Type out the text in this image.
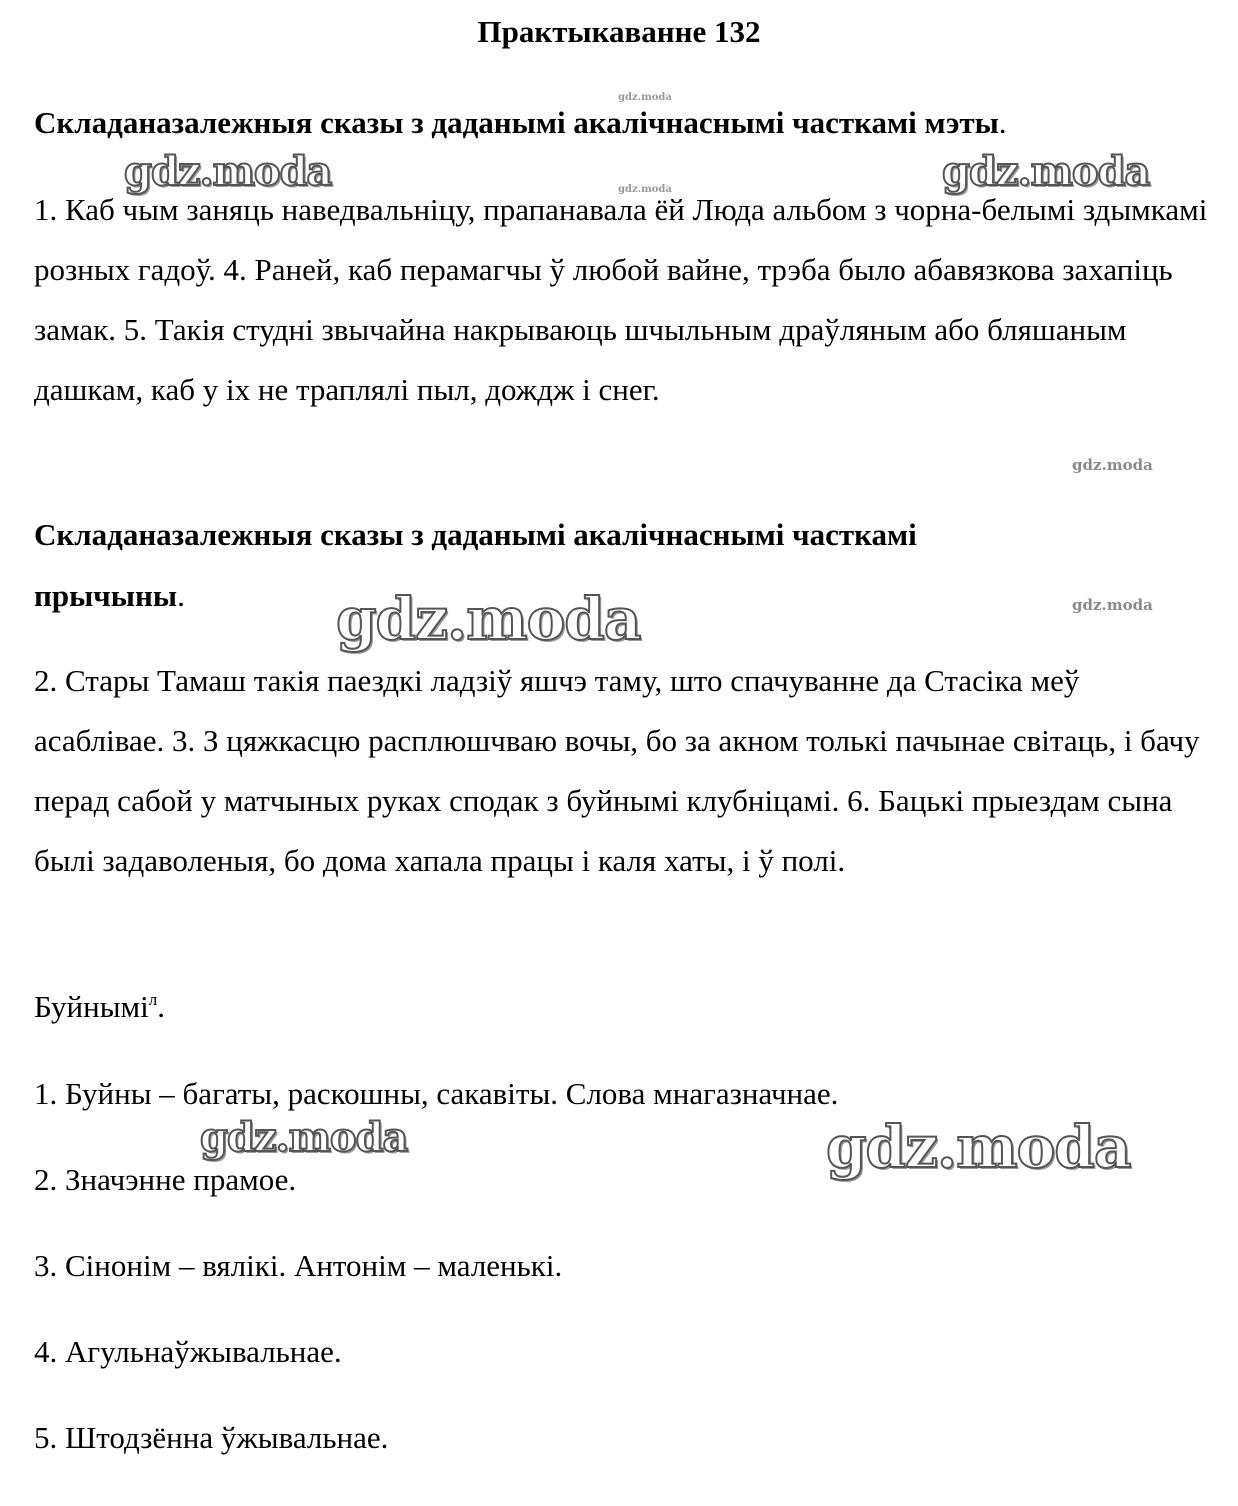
Практыкаванне 132
Складаназалежныя сказы з даданымі акалічнаснымі часткамі мэты.
1. Каб чым заняць наведвальніцу, прапанавала ёй Люда альбом з чорна-белымі здымкамі розных гадоў. 4. Раней, каб перамагчы ў любой вайне, трэба было абавязкова захапіць замак. 5. Такія студні звычайна накрываюць шчыльным драўляным або бляшаным дашкам, каб у іх не траплялі пыл, дождж і снег.
Складаназалежныя сказы з даданымі акалічнаснымі часткамі
прычыны.
2. Стары Тамаш такія паездкі ладзіў яшчэ таму, што спачуванне да Стасіка меў асаблівае. 3. З цяжкасцю расплюшчваю вочы, бо за акном толькі пачынае світаць, і бачу перад сабой у матчыных руках сподак з буйнымі клубніцамі. 6. Бацькі прыездам сына былі задаволеныя, бо дома хапала працы і каля хаты, і ў полі.
Буйнымі$^л$.
1. Буйны – багаты, раскошны, сакавіты. Слова мнагазначнае.
2. Значэнне прамое.
3. Сінонім – вялікі. Антонім – маленькі.
4. Агульнаўжывальнае.
5. Штодзённа ўжывальнае.
gdz.moda	gdz.moda
gdz.moda
gdz.moda	gdz.moda
gdz.moda
gdz.moda
gdz.moda
gdz.moda
